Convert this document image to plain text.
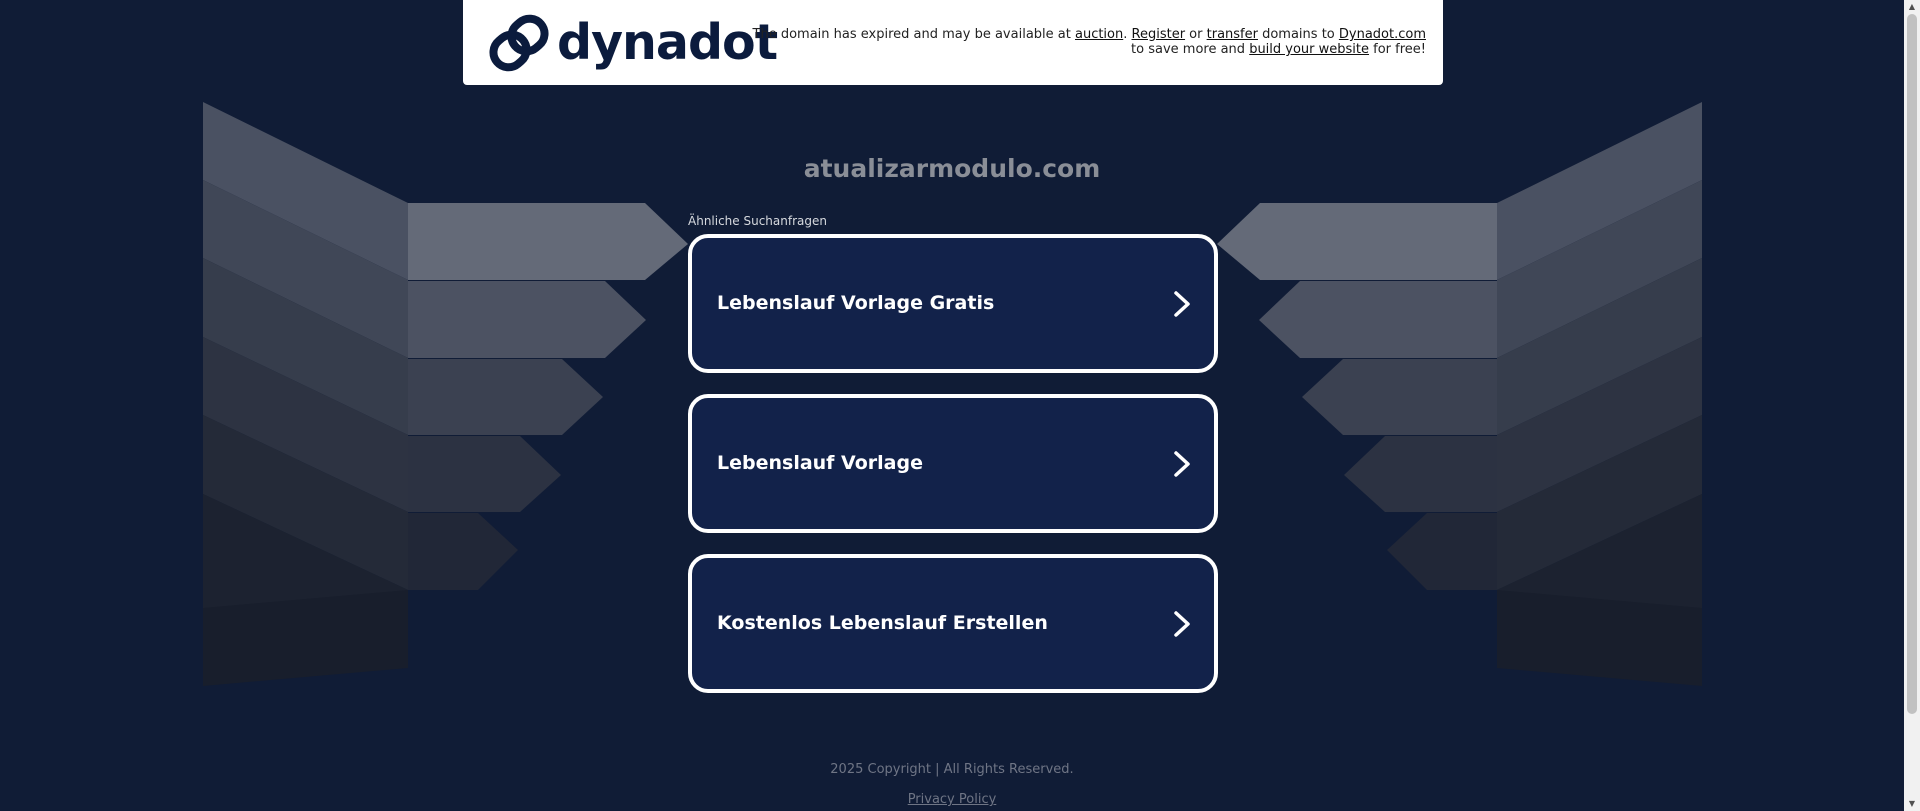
dynadot
The domain has expired and may be available at auction. Register or transfer domains to Dynadot.com
to save more and build your website for free!
atualizarmodulo.com
Ähnliche Suchanfragen
Lebenslauf Vorlage Gratis
Lebenslauf Vorlage
Kostenlos Lebenslauf Erstellen
2025 Copyright | All Rights Reserved.
Privacy Policy
▲
▼
